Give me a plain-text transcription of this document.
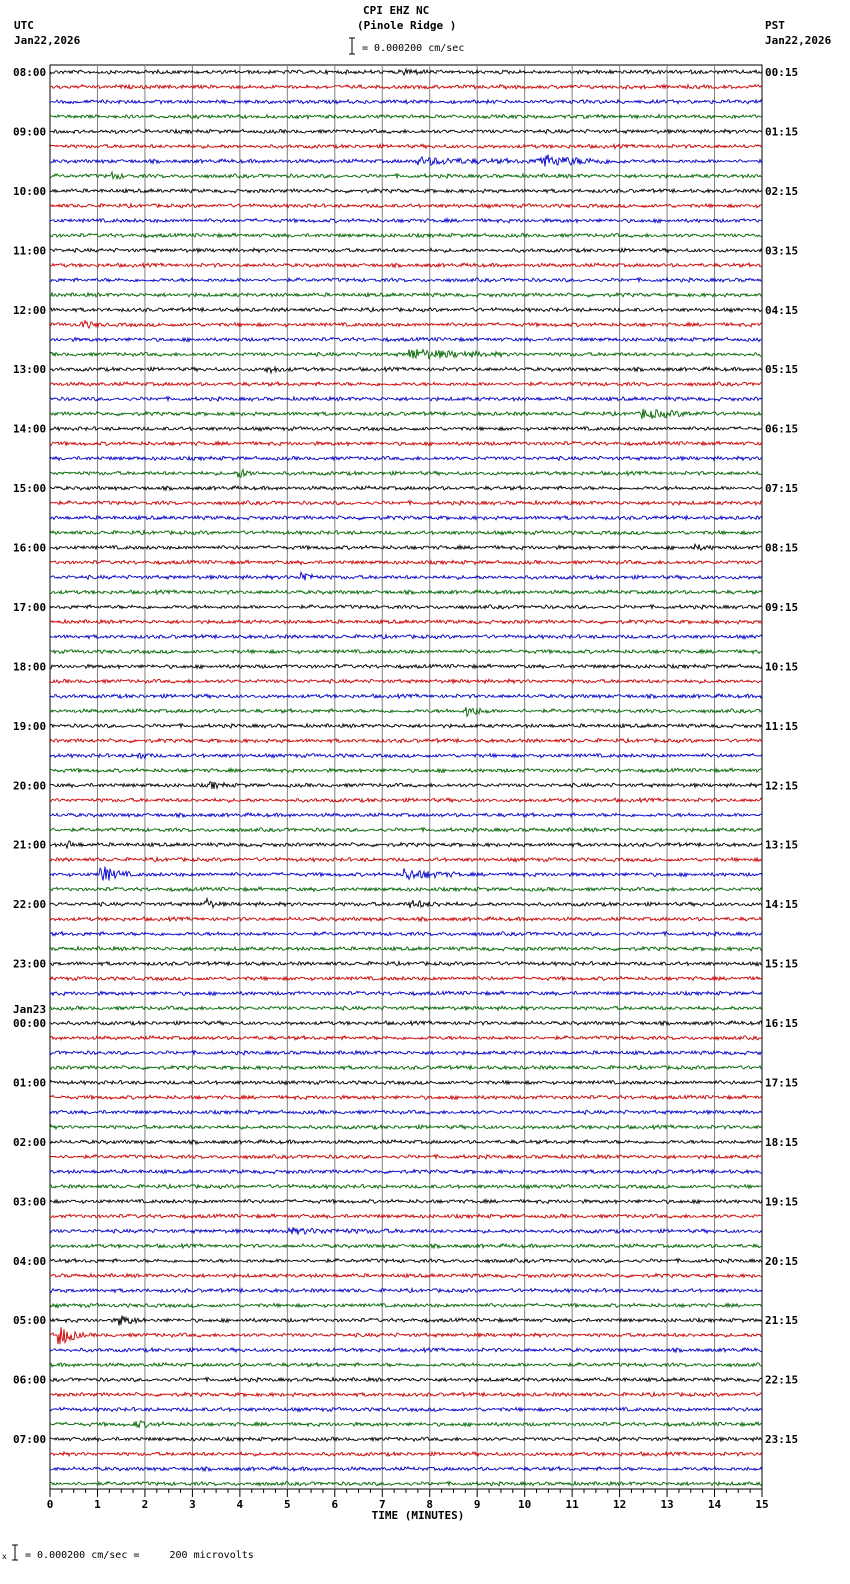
CPI EHZ NC
(Pinole Ridge )
UTC
Jan22,2026
PST
Jan22,2026
= 0.000200 cm/sec
08:00
09:00
10:00
11:00
12:00
13:00
14:00
15:00
16:00
17:00
18:00
19:00
20:00
21:00
22:00
23:00
00:00
01:00
02:00
03:00
04:00
05:00
06:00
07:00
Jan23
00:15
01:15
02:15
03:15
04:15
05:15
06:15
07:15
08:15
09:15
10:15
11:15
12:15
13:15
14:15
15:15
16:15
17:15
18:15
19:15
20:15
21:15
22:15
23:15
0	1	2	3	4	5	6	7	8	9	10	11	12	13	14	15
TIME (MINUTES)
x = 0.000200 cm/sec =     200 microvolts
